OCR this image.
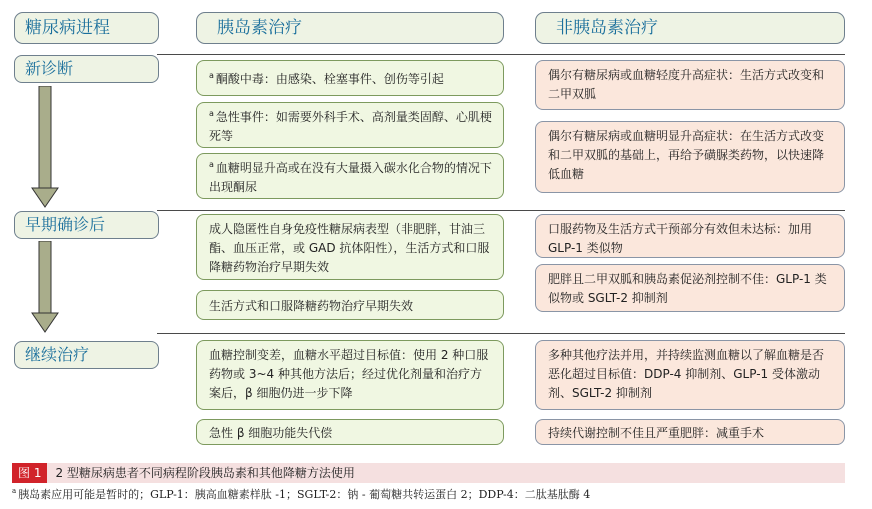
糖尿病进程	胰岛素治疗	非胰岛素治疗
新诊断
早期确诊后
继续治疗
$^a$ 酮酸中毒：由感染、栓塞事件、创伤等引起
$^a$ 急性事件：如需要外科手术、高剂量类固醇、心肌梗死等
$^a$ 血糖明显升高或在没有大量摄入碳水化合物的情况下出现酮尿
成人隐匿性自身免疫性糖尿病表型（非肥胖，甘油三酯、血压正常，或 GAD 抗体阳性），生活方式和口服降糖药物治疗早期失效
生活方式和口服降糖药物治疗早期失效
血糖控制变差，血糖水平超过目标值：使用 2 种口服药物或 3~4 种其他方法后；经过优化剂量和治疗方案后，β 细胞仍进一步下降
急性 β 细胞功能失代偿
偶尔有糖尿病或血糖轻度升高症状：生活方式改变和二甲双胍
偶尔有糖尿病或血糖明显升高症状：在生活方式改变和二甲双胍的基础上，再给予磺脲类药物，以快速降低血糖
口服药物及生活方式干预部分有效但未达标：加用 GLP-1 类似物
肥胖且二甲双胍和胰岛素促泌剂控制不佳：GLP-1 类似物或 SGLT-2 抑制剂
多种其他疗法并用，并持续监测血糖以了解血糖是否恶化超过目标值：DDP-4 抑制剂、GLP-1 受体激动剂、SGLT-2 抑制剂
持续代谢控制不佳且严重肥胖：减重手术
图 1 2 型糖尿病患者不同病程阶段胰岛素和其他降糖方法使用
$^a$ 胰岛素应用可能是暂时的；GLP-1：胰高血糖素样肽 -1；SGLT-2：钠 - 葡萄糖共转运蛋白 2；DDP-4：二肽基肽酶 4
